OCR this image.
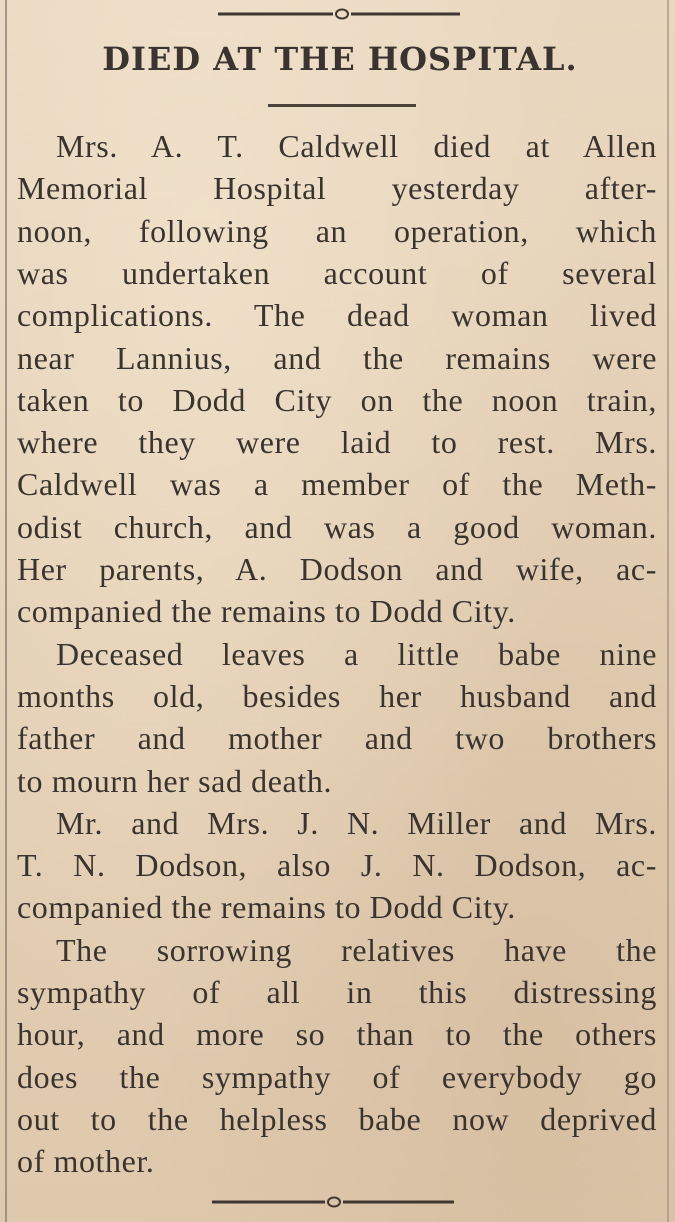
DIED AT THE HOSPITAL.
Mrs. A. T. Caldwell died at Allen
Memorial Hospital yesterday after-
noon, following an operation, which
was undertaken account of several
complications. The dead woman lived
near Lannius, and the remains were
taken to Dodd City on the noon train,
where they were laid to rest. Mrs.
Caldwell was a member of the Meth-
odist church, and was a good woman.
Her parents, A. Dodson and wife, ac-
companied the remains to Dodd City.
Deceased leaves a little babe nine
months old, besides her husband and
father and mother and two brothers
to mourn her sad death.
Mr. and Mrs. J. N. Miller and Mrs.
T. N. Dodson, also J. N. Dodson, ac-
companied the remains to Dodd City.
The sorrowing relatives have the
sympathy of all in this distressing
hour, and more so than to the others
does the sympathy of everybody go
out to the helpless babe now deprived
of mother.
